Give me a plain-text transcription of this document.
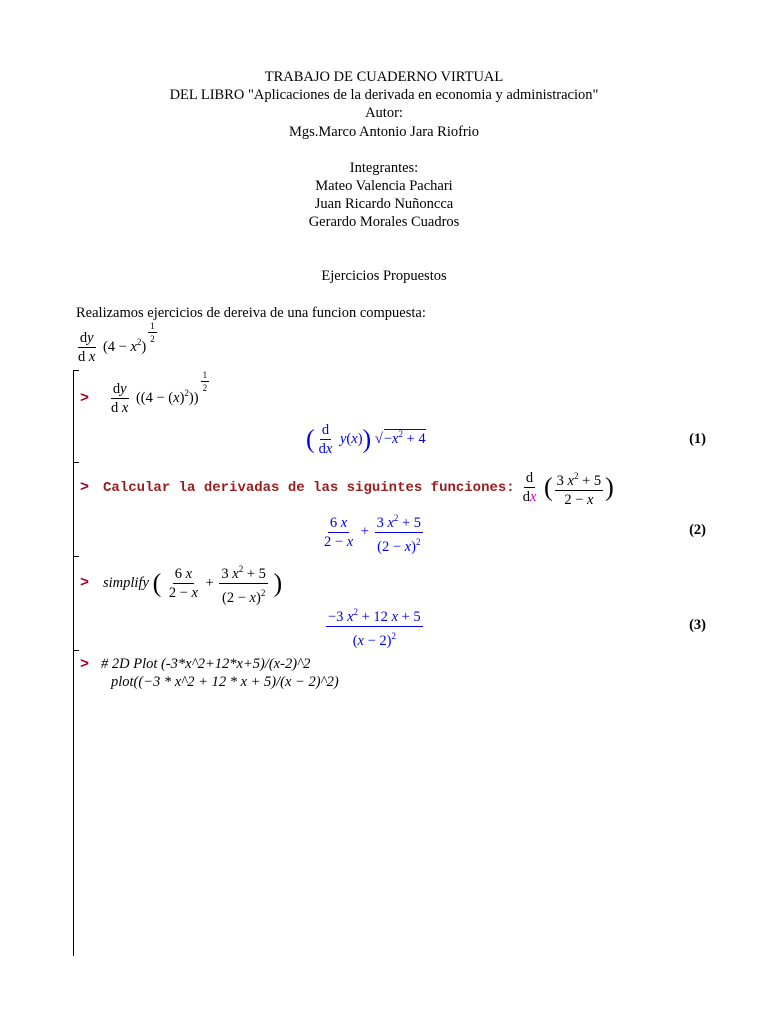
TRABAJO DE CUADERNO VIRTUAL
DEL LIBRO "Aplicaciones de la derivada en economia y administracion"
Autor:
Mgs.Marco Antonio Jara Riofrio
Integrantes:
Mateo Valencia Pachari
Juan Ricardo Nuñoncca
Gerardo Morales Cuadros
Ejercicios Propuestos
Realizamos ejercicios de dereiva de una funcion compuesta:
$\frac{dy}{\text{d x}} (4 - x^2)$
$^{\frac{1}{2}}$
> $\frac{dy}{\text{d x}} ((4 - (x)^2))$
$^{\frac{1}{2}}$
( $\frac{d}{dx} y(x)$) $√-x^2 + 4$	(1)
> Calcular la derivadas de las siguintes funciones: $\frac{d}{dx}$ ( $\frac{3 x^2 + 5}{2 - x}$ )
$\frac{6 x}{2 - x} + \frac{3 x^2 + 5}{(2 - x)^2}$	(2)
> simplify ( $\frac{6 x}{2 - x} + \frac{3 x^2 + 5}{(2 - x)^2}$ )
$\frac{-3 x^2 + 12 x + 5}{(x - 2)^2}$	(3)
> # 2D Plot (-3*x^2+12*x+5)/(x-2)^2
plot((−3 * x^2 + 12 * x + 5)/(x − 2)^2)
